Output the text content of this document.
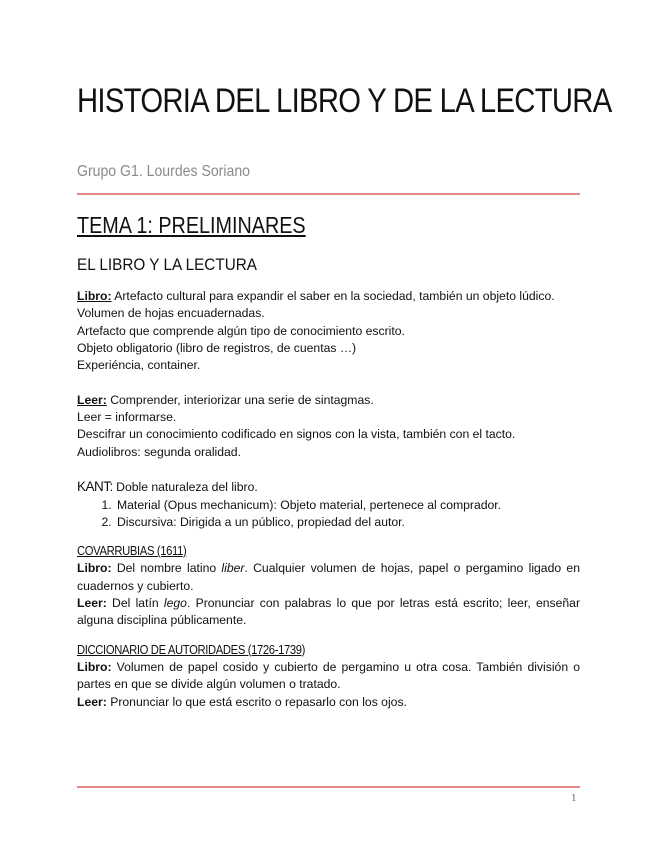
HISTORIA DEL LIBRO Y DE LA LECTURA
Grupo G1. Lourdes Soriano
TEMA 1: PRELIMINARES
EL LIBRO Y LA LECTURA

Libro: Artefacto cultural para expandir el saber en la sociedad, también un objeto lúdico.

Volumen de hojas encuadernadas.

Artefacto que comprende algún tipo de conocimiento escrito.

Objeto obligatorio (libro de registros, de cuentas …)

Experiéncia, container.

Leer: Comprender, interiorizar una serie de sintagmas.

Leer = informarse.

Descifrar un conocimiento codificado en signos con la vista, también con el tacto.

Audiolibros: segunda oralidad.

KANT: Doble naturaleza del libro.

1. Material (Opus mechanicum): Objeto material, pertenece al comprador.
2. Discursiva: Dirigida a un público, propiedad del autor.

COVARRUBIAS (1611)

Libro: Del nombre latino liber. Cualquier volumen de hojas, papel o pergamino ligado en cuadernos y cubierto.

Leer: Del latín lego. Pronunciar con palabras lo que por letras está escrito; leer, enseñar alguna disciplina públicamente.

DICCIONARIO DE AUTORIDADES (1726-1739)

Libro: Volumen de papel cosido y cubierto de pergamino u otra cosa. También división o partes en que se divide algún volumen o tratado.

Leer: Pronunciar lo que está escrito o repasarlo con los ojos.

1
